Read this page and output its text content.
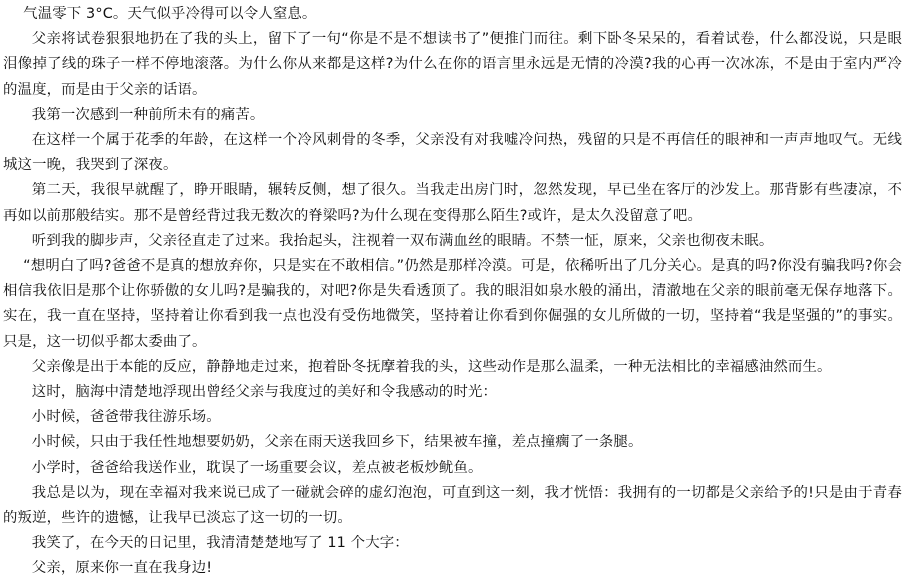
气温零下 3°C。天气似乎冷得可以令人窒息。

父亲将试卷狠狠地扔在了我的头上，留下了一句“你是不是不想读书了”便推门而往。剩下卧冬呆呆的，看着试卷，什么都没说，只是眼泪像掉了线的珠子一样不停地滚落。为什么你从来都是这样?为什么在你的语言里永远是无情的冷漠?我的心再一次冰冻，不是由于室内严冷的温度，而是由于父亲的话语。

我第一次感到一种前所未有的痛苦。

在这样一个属于花季的年龄，在这样一个冷风刺骨的冬季，父亲没有对我嘘冷问热，残留的只是不再信任的眼神和一声声地叹气。无线城这一晚，我哭到了深夜。

第二天，我很早就醒了，睁开眼睛，辗转反侧，想了很久。当我走出房门时，忽然发现，早已坐在客厅的沙发上。那背影有些凄凉，不再如以前那般结实。那不是曾经背过我无数次的脊梁吗?为什么现在变得那么陌生?或许，是太久没留意了吧。

听到我的脚步声，父亲径直走了过来。我抬起头，注视着一双布满血丝的眼睛。不禁一怔，原来，父亲也彻夜未眠。

“想明白了吗?爸爸不是真的想放弃你，只是实在不敢相信。”仍然是那样冷漠。可是，依稀听出了几分关心。是真的吗?你没有骗我吗?你会相信我依旧是那个让你骄傲的女儿吗?是骗我的，对吧?你是失看透顶了。我的眼泪如泉水般的涌出，清澈地在父亲的眼前毫无保存地落下。实在，我一直在坚持，坚持着让你看到我一点也没有受伤地微笑，坚持着让你看到你倔强的女儿所做的一切，坚持着“我是坚强的”的事实。只是，这一切似乎都太委曲了。

父亲像是出于本能的反应，静静地走过来，抱着卧冬抚摩着我的头，这些动作是那么温柔，一种无法相比的幸福感油然而生。

这时，脑海中清楚地浮现出曾经父亲与我度过的美好和令我感动的时光：

小时候，爸爸带我往游乐场。

小时候，只由于我任性地想要奶奶，父亲在雨天送我回乡下，结果被车撞，差点撞瘸了一条腿。

小学时，爸爸给我送作业，耽误了一场重要会议，差点被老板炒鱿鱼。

我总是以为，现在幸福对我来说已成了一碰就会碎的虚幻泡泡，可直到这一刻，我才恍悟：我拥有的一切都是父亲给予的!只是由于青春的叛逆，些许的遗憾，让我早已淡忘了这一切的一切。

我笑了，在今天的日记里，我清清楚楚地写了 11 个大字：

父亲，原来你一直在我身边!
